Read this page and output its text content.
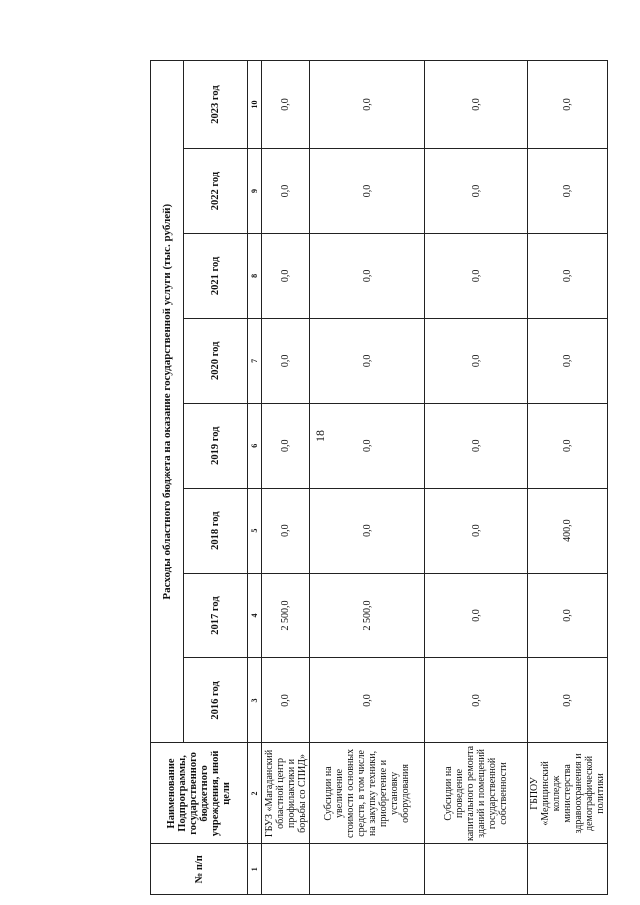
18
№ п/п	Наименование Подпрограммы, государственного бюджетного учреждения, иной цели	Расходы областного бюджета на оказание государственной услуги (тыс. рублей)							
		2016 год	2017 год	2018 год	2019 год	2020 год	2021 год	2022 год	2023 год
1	2	3	4	5	6	7	8	9	10
	ГБУЗ «Магаданский областной центр профилактики и борьбы со СПИД»	0,0	2 500,0	0,0	0,0	0,0	0,0	0,0	0,0
	Субсидии на увеличение стоимости основных средств, в том числе на закупку техники, приобретение и установку оборудования	0,0	2 500,0	0,0	0,0	0,0	0,0	0,0	0,0
	Субсидии на проведение капитального ремонта зданий и помещений государственной собственности	0,0	0,0	0,0	0,0	0,0	0,0	0,0	0,0
	ГБПОУ «Медицинский колледж министерства здравоохранения и демографической политики	0,0	0,0	400,0	0,0	0,0	0,0	0,0	0,0
